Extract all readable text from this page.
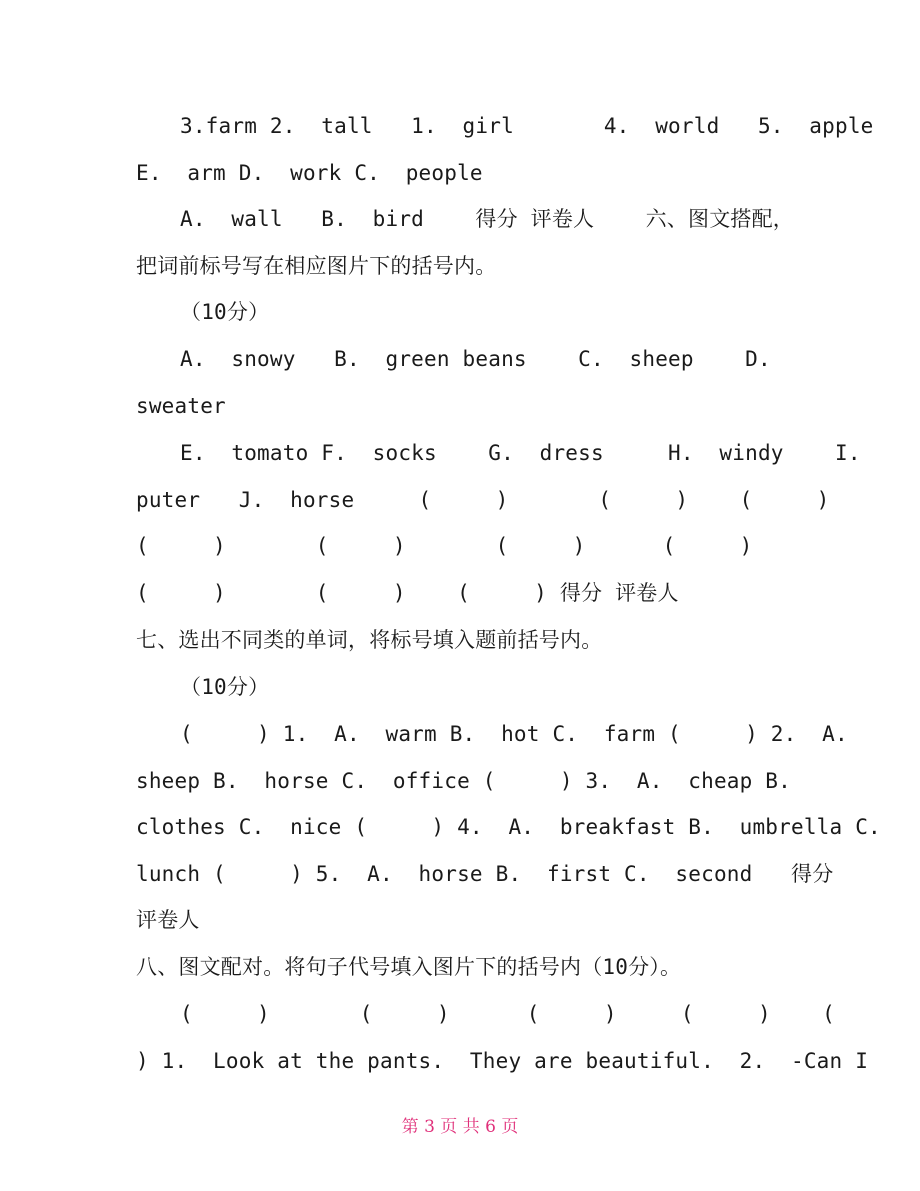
3.farm 2.  tall   1.  girl       4.  world   5.  apple
E.  arm D.  work C.  people
A.  wall   B.  bird    得分 评卷人    六、图文搭配，
把词前标号写在相应图片下的括号内。
（10分）
A.  snowy   B.  green beans    C.  sheep    D.
sweater
E.  tomato F.  socks    G.  dress     H.  windy    I.
puter   J.  horse     (     )       (     )    (     )
(     )       (     )       (     )      (     )
(     )       (     )    (     ) 得分 评卷人
七、选出不同类的单词，将标号填入题前括号内。
（10分）
(     ) 1.  A.  warm B.  hot C.  farm (     ) 2.  A.
sheep B.  horse C.  office (     ) 3.  A.  cheap B.
clothes C.  nice (     ) 4.  A.  breakfast B.  umbrella C.
lunch (     ) 5.  A.  horse B.  first C.  second   得分
评卷人
八、图文配对。将句子代号填入图片下的括号内（10分）。
(     )       (     )      (     )     (     )    (
) 1.  Look at the pants.  They are beautiful.  2.  -Can I
第 3 页 共 6 页
